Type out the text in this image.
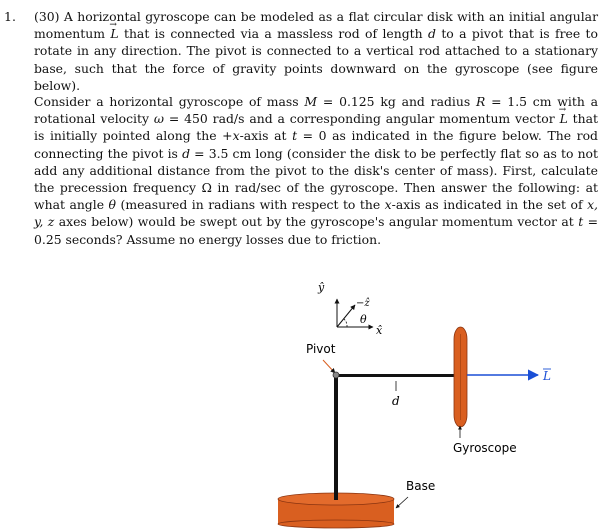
1. (30) A horizontal gyroscope can be modeled as a flat circular disk with an initial angular momentum → L that is connected via a massless rod of length d to a pivot that is free to rotate in any direction. The pivot is connected to a vertical rod attached to a stationary base, such that the force of gravity points downward on the gyroscope (see figure below).

Consider a horizontal gyroscope of mass M = 0.125 kg and radius R = 1.5 cm with a rotational velocity ω = 450 rad/s and a corresponding angular momentum vector → L that is initially pointed along the +x-axis at t = 0 as indicated in the figure below. The rod connecting the pivot is d = 3.5 cm long (consider the disk to be perfectly flat so as to not add any additional distance from the pivot to the disk's center of mass). First, calculate the precession frequency Ω in rad/sec of the gyroscope. Then answer the following: at what angle θ (measured in radians with respect to the x-axis as indicated in the set of x, y, z axes below) would be swept out by the gyroscope's angular momentum vector at t = 0.25 seconds? Assume no energy losses due to friction.

ŷ
−ẑ
x̂
θ
Pivot
d
L
Gyroscope
Base
